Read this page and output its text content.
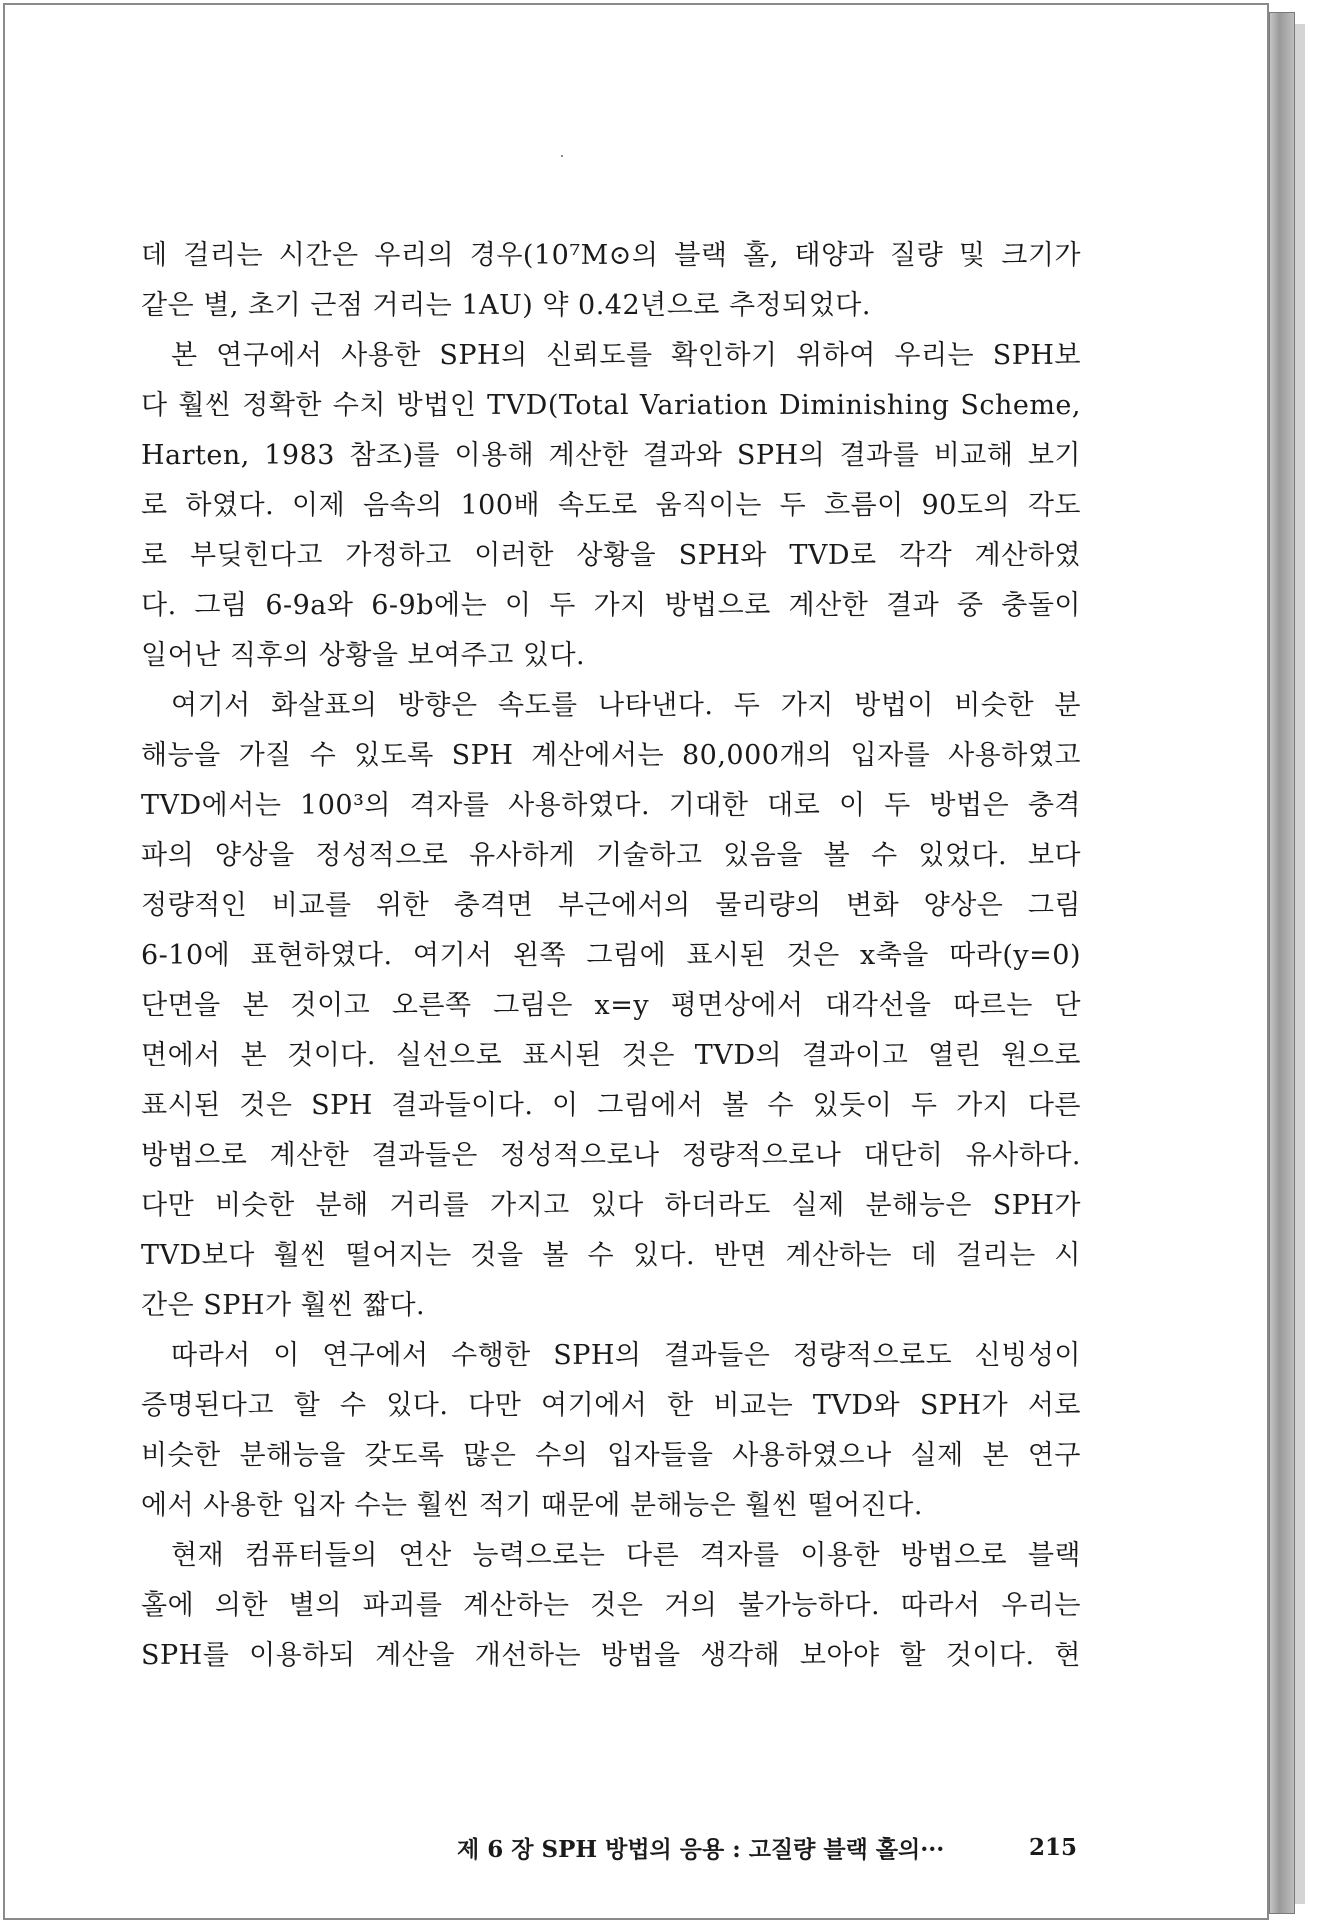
데 걸리는 시간은 우리의 경우(10⁷M⊙의 블랙 홀, 태양과 질량 및 크기가
같은 별, 초기 근점 거리는 1AU) 약 0.42년으로 추정되었다.
본 연구에서 사용한 SPH의 신뢰도를 확인하기 위하여 우리는 SPH보
다 훨씬 정확한 수치 방법인 TVD(Total Variation Diminishing Scheme,
Harten, 1983 참조)를 이용해 계산한 결과와 SPH의 결과를 비교해 보기
로 하였다. 이제 음속의 100배 속도로 움직이는 두 흐름이 90도의 각도
로 부딪힌다고 가정하고 이러한 상황을 SPH와 TVD로 각각 계산하였
다. 그림 6-9a와 6-9b에는 이 두 가지 방법으로 계산한 결과 중 충돌이
일어난 직후의 상황을 보여주고 있다.
여기서 화살표의 방향은 속도를 나타낸다. 두 가지 방법이 비슷한 분
해능을 가질 수 있도록 SPH 계산에서는 80,000개의 입자를 사용하였고
TVD에서는 100³의 격자를 사용하였다. 기대한 대로 이 두 방법은 충격
파의 양상을 정성적으로 유사하게 기술하고 있음을 볼 수 있었다. 보다
정량적인 비교를 위한 충격면 부근에서의 물리량의 변화 양상은 그림
6-10에 표현하였다. 여기서 왼쪽 그림에 표시된 것은 x축을 따라(y=0)
단면을 본 것이고 오른쪽 그림은 x=y 평면상에서 대각선을 따르는 단
면에서 본 것이다. 실선으로 표시된 것은 TVD의 결과이고 열린 원으로
표시된 것은 SPH 결과들이다. 이 그림에서 볼 수 있듯이 두 가지 다른
방법으로 계산한 결과들은 정성적으로나 정량적으로나 대단히 유사하다.
다만 비슷한 분해 거리를 가지고 있다 하더라도 실제 분해능은 SPH가
TVD보다 훨씬 떨어지는 것을 볼 수 있다. 반면 계산하는 데 걸리는 시
간은 SPH가 훨씬 짧다.
따라서 이 연구에서 수행한 SPH의 결과들은 정량적으로도 신빙성이
증명된다고 할 수 있다. 다만 여기에서 한 비교는 TVD와 SPH가 서로
비슷한 분해능을 갖도록 많은 수의 입자들을 사용하였으나 실제 본 연구
에서 사용한 입자 수는 훨씬 적기 때문에 분해능은 훨씬 떨어진다.
현재 컴퓨터들의 연산 능력으로는 다른 격자를 이용한 방법으로 블랙
홀에 의한 별의 파괴를 계산하는 것은 거의 불가능하다. 따라서 우리는
SPH를 이용하되 계산을 개선하는 방법을 생각해 보아야 할 것이다. 현
제 6 장 SPH 방법의 응용 : 고질량 블랙 홀의···	215
